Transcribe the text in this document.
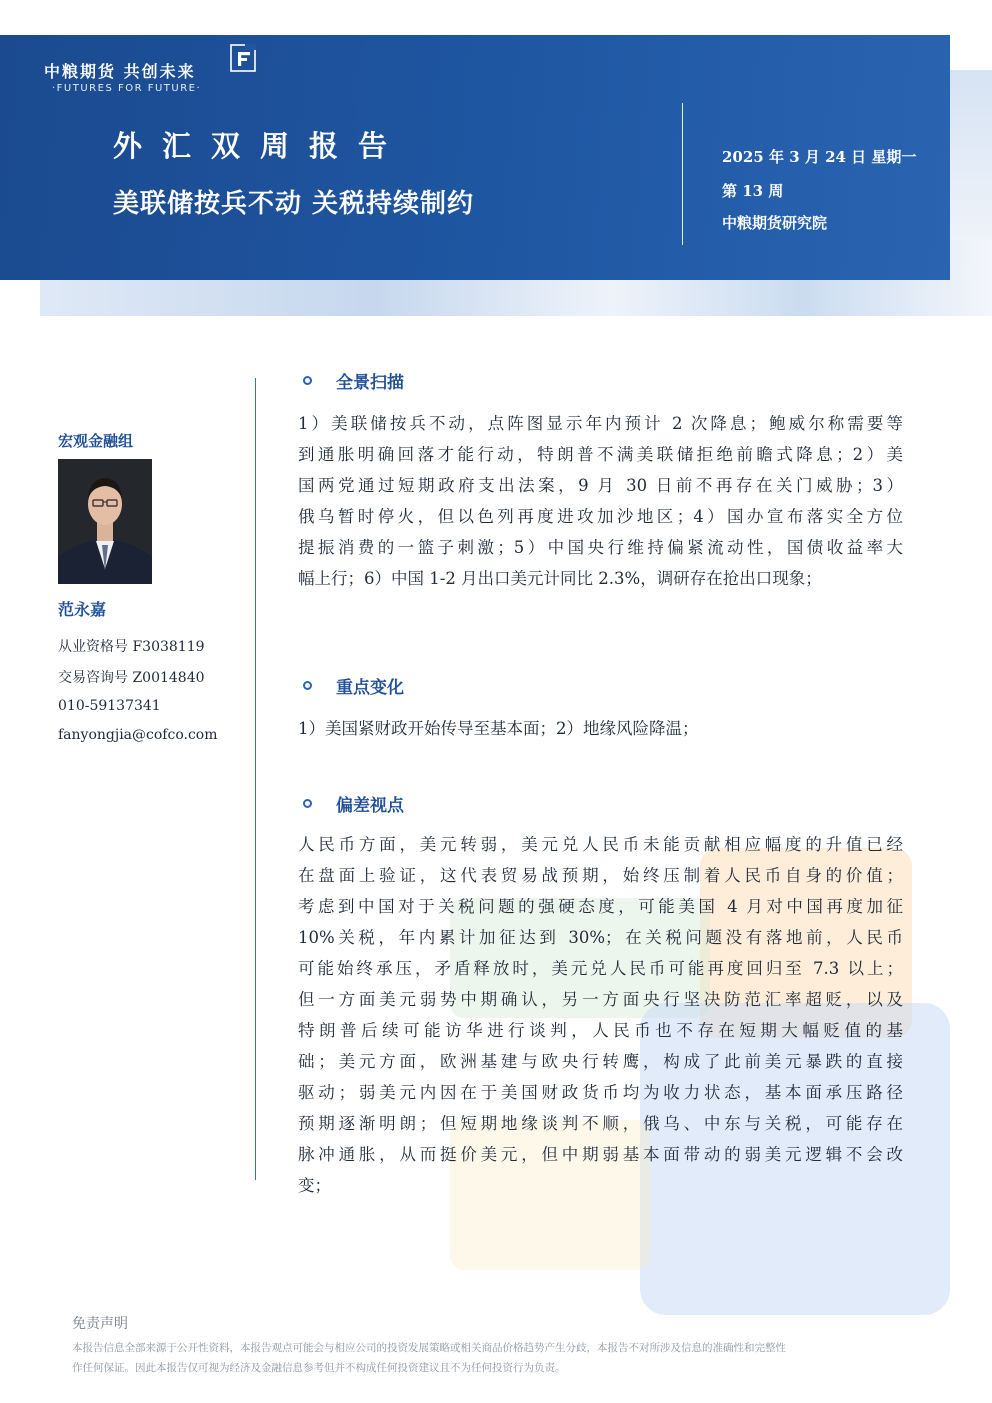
中粮期货 共创未来
·FUTURES FOR FUTURE·
外汇双周报告
美联储按兵不动 关税持续制约
2025 年 3 月 24 日 星期一
第 13 周
中粮期货研究院
宏观金融组
范永嘉
从业资格号 F3038119
交易咨询号 Z0014840
010-59137341
fanyongjia@cofco.com
全景扫描
1）美联储按兵不动，点阵图显示年内预计 2 次降息；鲍威尔称需要等
到通胀明确回落才能行动，特朗普不满美联储拒绝前瞻式降息；2）美
国两党通过短期政府支出法案，9 月 30 日前不再存在关门威胁；3）
俄乌暂时停火，但以色列再度进攻加沙地区；4）国办宣布落实全方位
提振消费的一篮子刺激；5）中国央行维持偏紧流动性，国债收益率大
幅上行；6）中国 1-2 月出口美元计同比 2.3%，调研存在抢出口现象；
重点变化
1）美国紧财政开始传导至基本面；2）地缘风险降温；
偏差视点
人民币方面，美元转弱，美元兑人民币未能贡献相应幅度的升值已经
在盘面上验证，这代表贸易战预期，始终压制着人民币自身的价值；
考虑到中国对于关税问题的强硬态度，可能美国 4 月对中国再度加征
10%关税，年内累计加征达到 30%；在关税问题没有落地前，人民币
可能始终承压，矛盾释放时，美元兑人民币可能再度回归至 7.3 以上；
但一方面美元弱势中期确认，另一方面央行坚决防范汇率超贬，以及
特朗普后续可能访华进行谈判，人民币也不存在短期大幅贬值的基
础；美元方面，欧洲基建与欧央行转鹰，构成了此前美元暴跌的直接
驱动；弱美元内因在于美国财政货币均为收力状态，基本面承压路径
预期逐渐明朗；但短期地缘谈判不顺，俄乌、中东与关税，可能存在
脉冲通胀，从而挺价美元，但中期弱基本面带动的弱美元逻辑不会改
变；
免责声明
本报告信息全部来源于公开性资料，本报告观点可能会与相应公司的投资发展策略或相关商品价格趋势产生分歧，本报告不对所涉及信息的准确性和完整性
作任何保证。因此本报告仅可视为经济及金融信息参考但并不构成任何投资建议且不为任何投资行为负责。
